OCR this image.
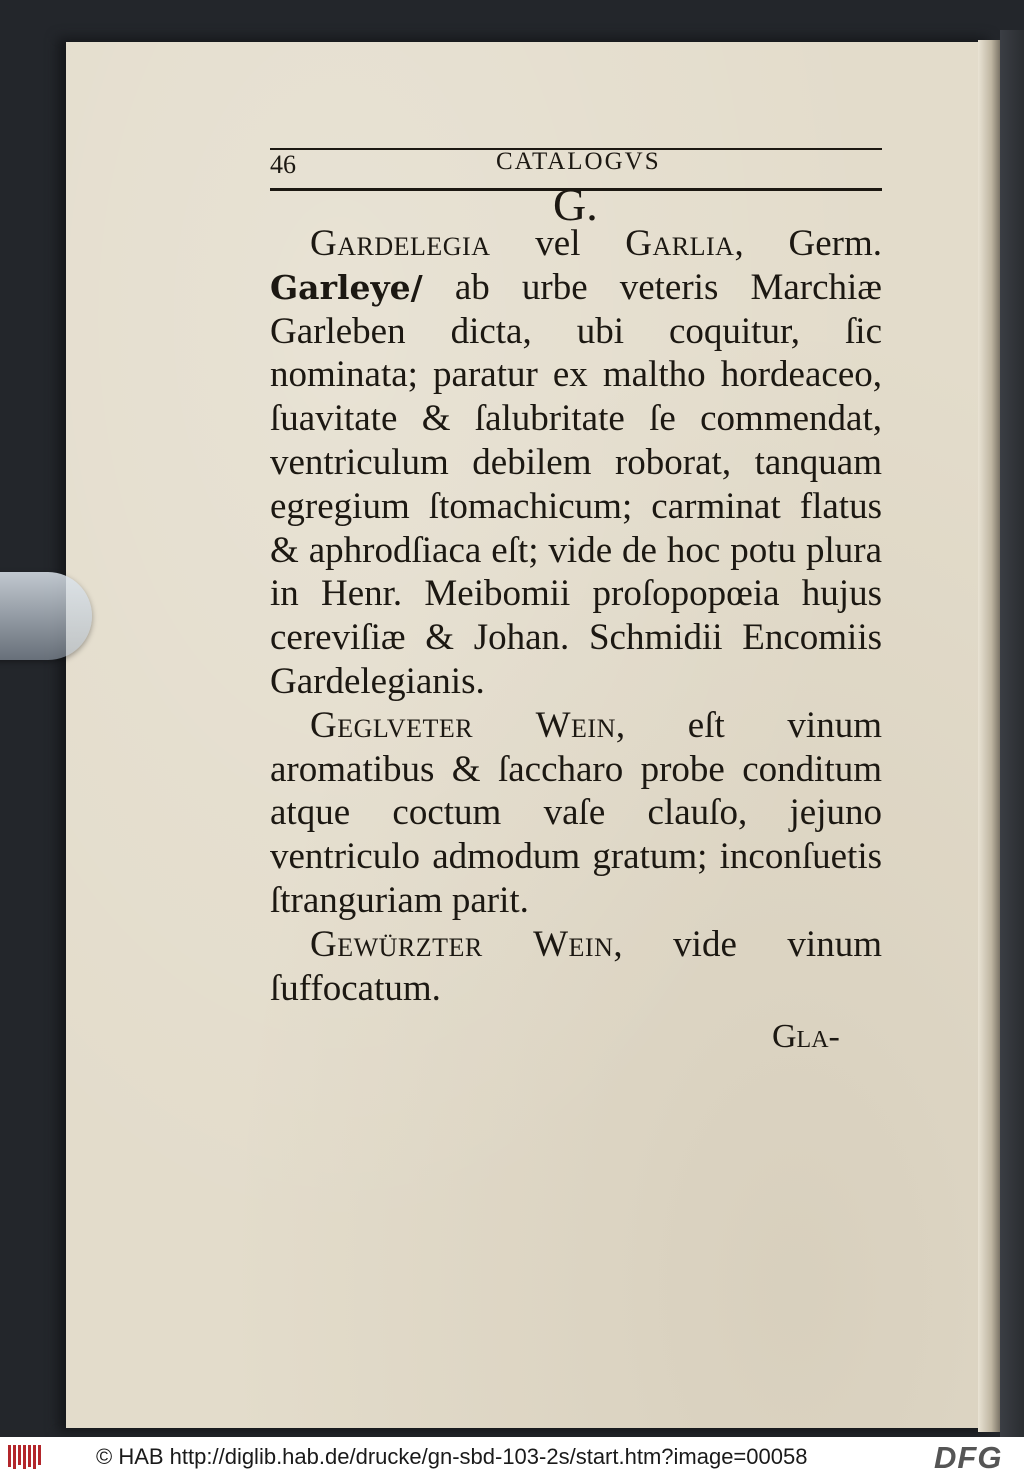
46	CATALOGVS
G.

Gardelegia vel Garlia, Germ. Garleye/ ab urbe veteris Marchiæ Garleben dicta, ubi coquitur, ſic nominata; paratur ex maltho hordeaceo, ſuavitate & ſalubritate ſe commendat, ventriculum debilem roborat, tanquam egregium ſtomachicum; carminat flatus & aphrodſiaca eſt; vide de hoc potu plura in Henr. Meibomii proſopopœia hujus cereviſiæ & Johan. Schmidii Encomiis Gardelegianis.

Geglveter Wein, eſt vinum aromatibus & ſaccharo probe conditum atque coctum vaſe clauſo, jejuno ventriculo admodum gratum; inconſuetis ſtranguriam parit.

Gewürzter Wein, vide vinum ſuffocatum.

Gla-
© HAB http://diglib.hab.de/drucke/gn-sbd-103-2s/start.htm?image=00058	DFG
